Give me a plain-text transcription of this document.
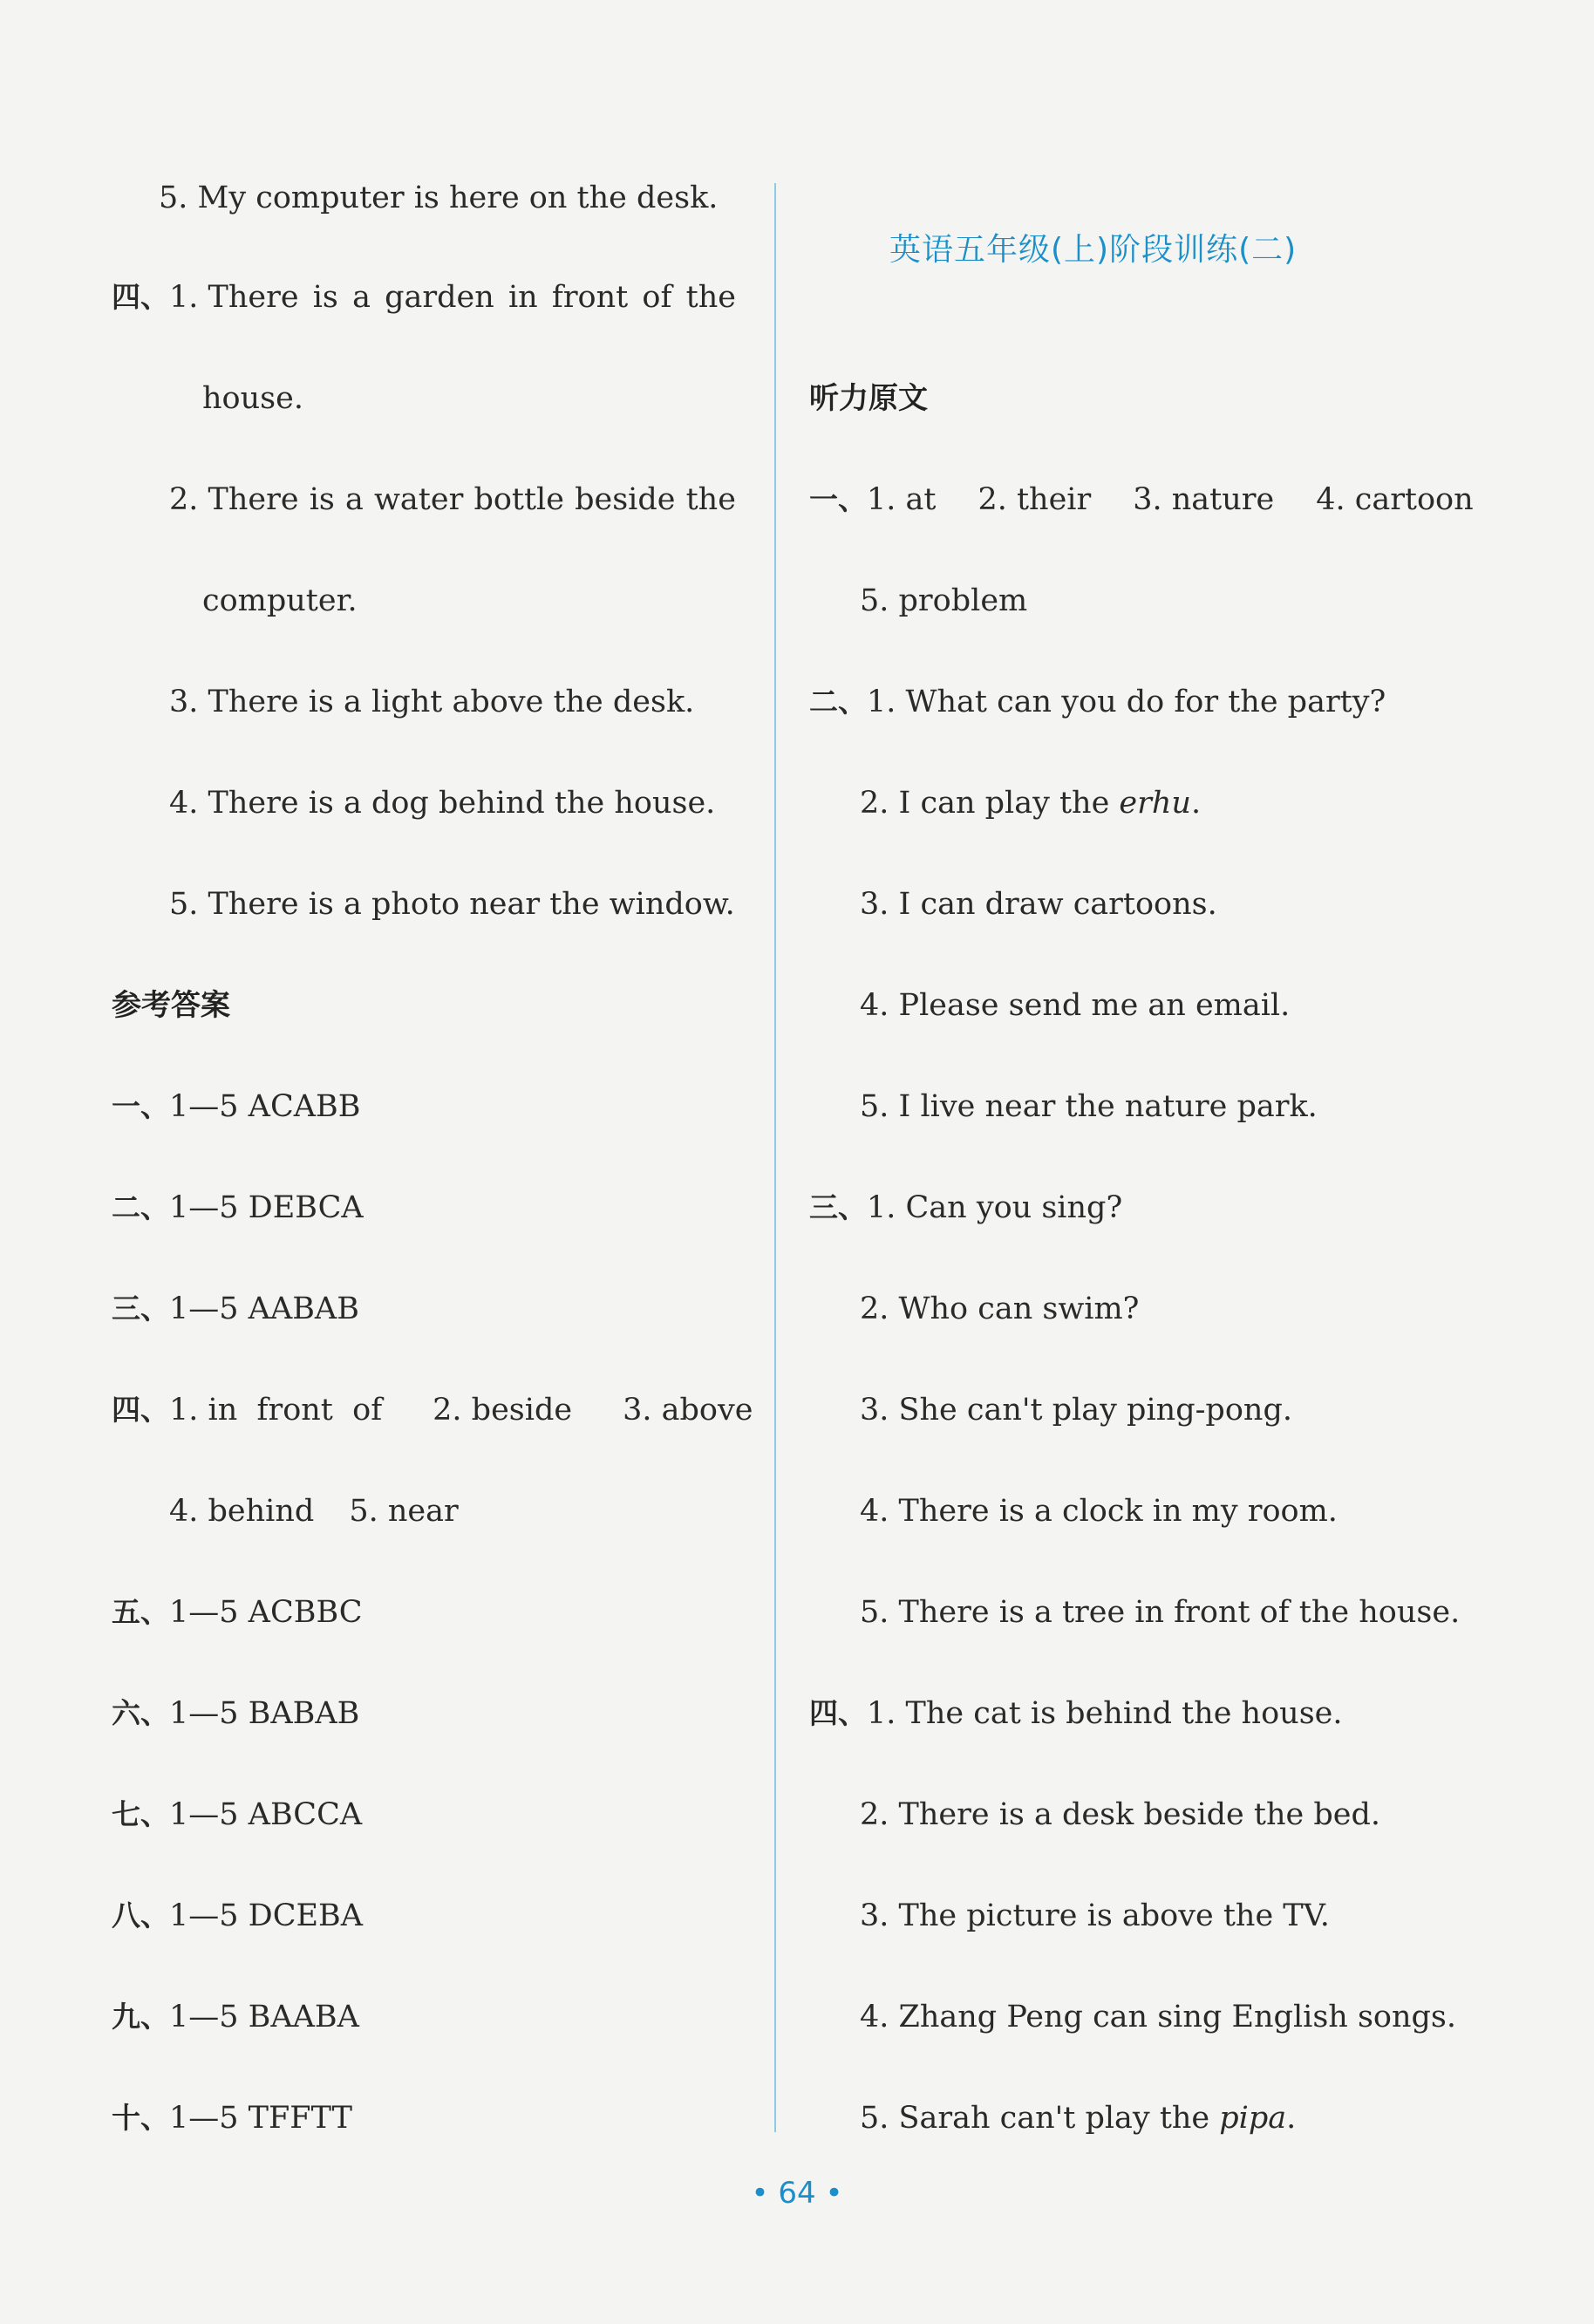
5. My computer is here on the desk.
四、1. There is a garden in front of the
house.
2. There is a water bottle beside the
computer.
3. There is a light above the desk.
4. There is a dog behind the house.
5. There is a photo near the window.
参考答案
一、1—5 ACABB
二、1—5 DEBCA
三、1—5 AABAB
四、1. in  front  of 2. beside 3. above
4. behind 5. near
五、1—5 ACBBC
六、1—5 BABAB
七、1—5 ABCCA
八、1—5 DCEBA
九、1—5 BAABA
十、1—5 TFFTT
英语五年级(上)阶段训练(二)
听力原文
一、1. at 2. their 3. nature 4. cartoon
5. problem
二、1. What can you do for the party?
2. I can play the erhu.
3. I can draw cartoons.
4. Please send me an email.
5. I live near the nature park.
三、1. Can you sing?
2. Who can swim?
3. She can't play ping-pong.
4. There is a clock in my room.
5. There is a tree in front of the house.
四、1. The cat is behind the house.
2. There is a desk beside the bed.
3. The picture is above the TV.
4. Zhang Peng can sing English songs.
5. Sarah can't play the pipa.
• 64 •
